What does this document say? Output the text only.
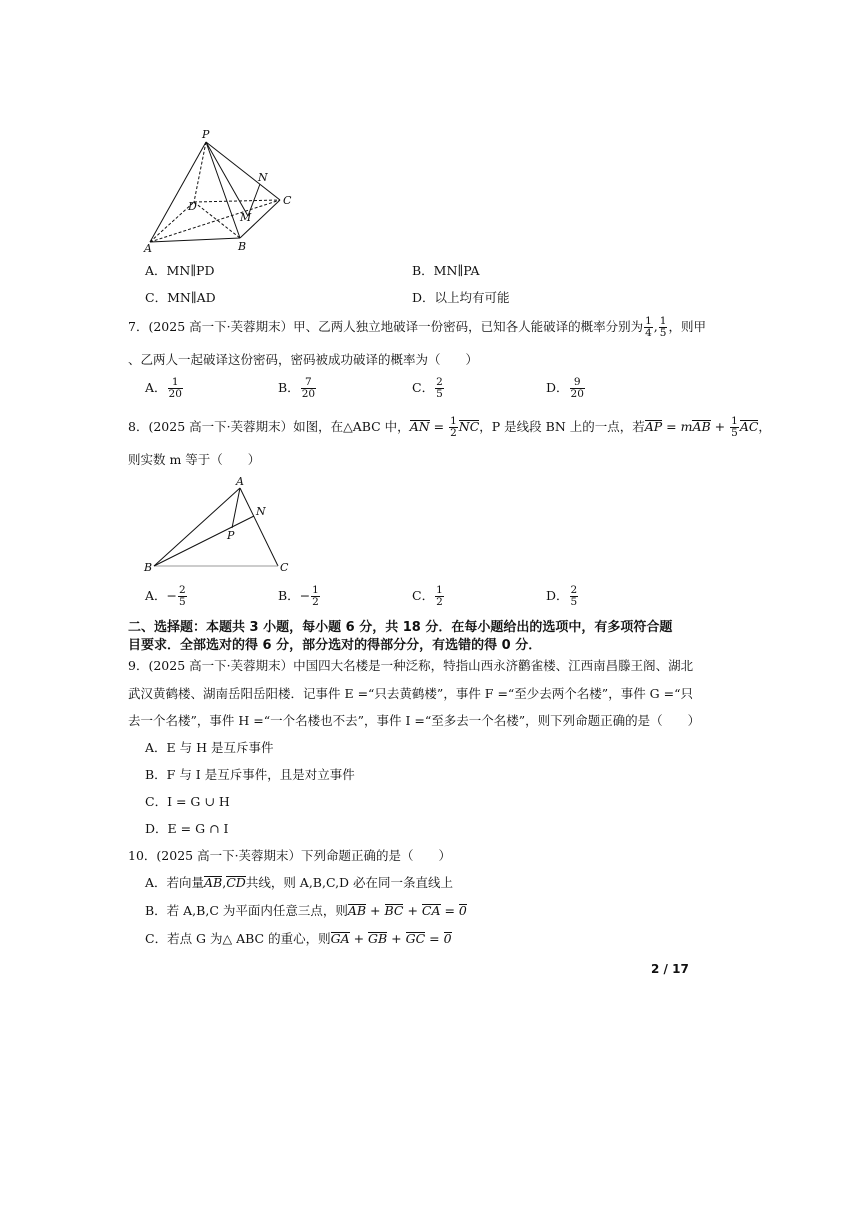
P
N
C
D
M
A	B
A．MN∥PD	B．MN∥PA
C．MN∥AD	D．以上均有可能
7．(2025 高一下·芙蓉期末）甲、乙两人独立地破译一份密码，已知各人能破译的概率分别为 $\frac{1}{4}$ , $\frac{1}{5}$ ，则甲
、乙两人一起破译这份密码，密码被成功破译的概率为（　　）
A． $\frac{1}{20}$	B． $\frac{7}{20}$	C． $\frac{2}{5}$	D． $\frac{9}{20}$
8．(2025 高一下·芙蓉期末）如图，在△ABC 中，AN = $\frac{1}{2}$ NC，P 是线段 BN 上的一点，若AP = mAB + $\frac{1}{5}$ AC，
则实数 m 等于（　　）
A
N
P
B	C
A．− $\frac{2}{5}$	B．− $\frac{1}{2}$	C． $\frac{1}{2}$	D． $\frac{2}{5}$
二、选择题：本题共 3 小题，每小题 6 分，共 18 分．在每小题给出的选项中，有多项符合题
目要求．全部选对的得 6 分，部分选对的得部分分，有选错的得 0 分．
9．(2025 高一下·芙蓉期末）中国四大名楼是一种泛称，特指山西永济鹳雀楼、江西南昌滕王阁、湖北
武汉黄鹤楼、湖南岳阳岳阳楼．记事件 E =“只去黄鹤楼”，事件 F =“至少去两个名楼”，事件 G =“只
去一个名楼”，事件 H =“一个名楼也不去”，事件 I =“至多去一个名楼”，则下列命题正确的是（　　）
A．E 与 H 是互斥事件
B．F 与 I 是互斥事件，且是对立事件
C．I = G ∪ H
D．E = G ∩ I
10．(2025 高一下·芙蓉期末）下列命题正确的是（　　）
A．若向量AB,CD共线，则 A,B,C,D 必在同一条直线上
B．若 A,B,C 为平面内任意三点，则AB + BC + CA = 0
C．若点 G 为△ ABC 的重心，则GA + GB + GC = 0
2 / 17
